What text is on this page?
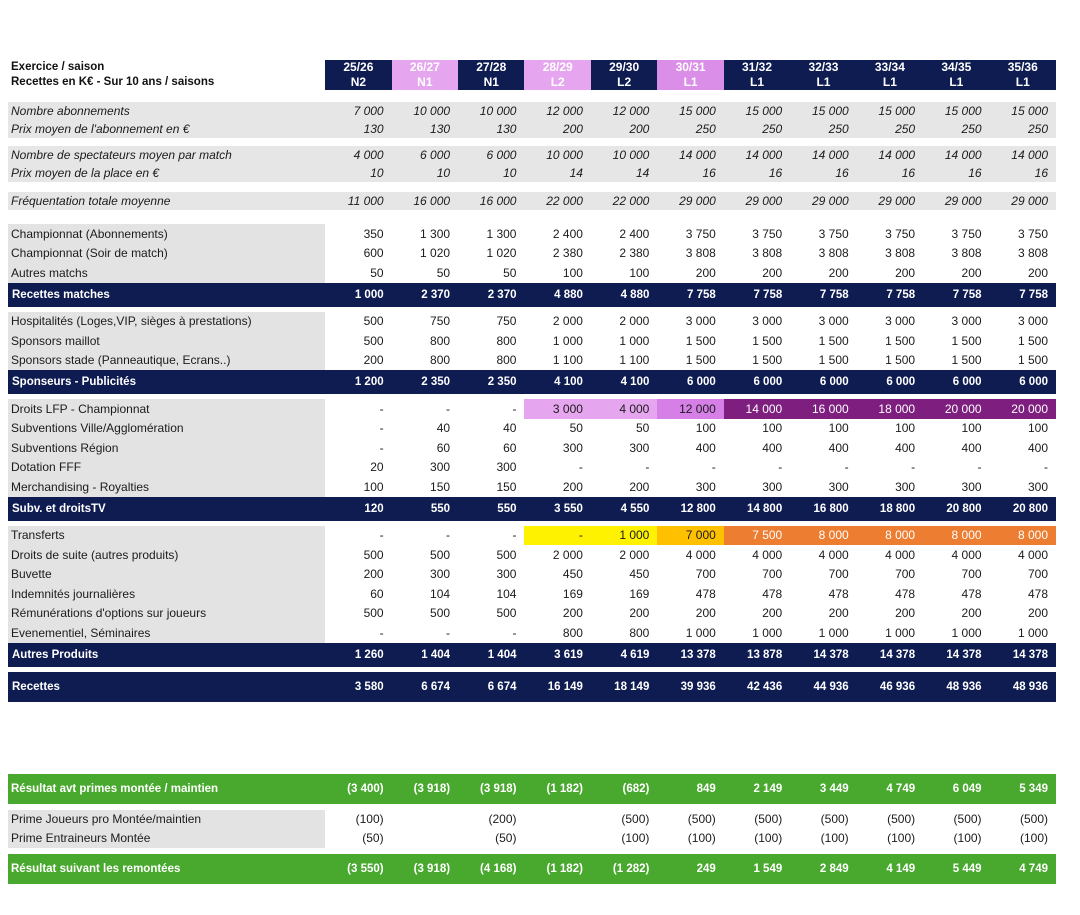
Exercice / saison	25/26	26/27	27/28	28/29	29/30	30/31	31/32	32/33	33/34	34/35	35/36
Recettes en K€ - Sur 10 ans / saisons	N2	N1	N1	L2	L2	L1	L1	L1	L1	L1	L1

Nombre abonnements	7 000	10 000	10 000	12 000	12 000	15 000	15 000	15 000	15 000	15 000	15 000
Prix moyen de l'abonnement en €	130	130	130	200	200	250	250	250	250	250	250

Nombre de spectateurs moyen par match	4 000	6 000	6 000	10 000	10 000	14 000	14 000	14 000	14 000	14 000	14 000
Prix moyen de la place en €	10	10	10	14	14	16	16	16	16	16	16

Fréquentation totale moyenne	11 000	16 000	16 000	22 000	22 000	29 000	29 000	29 000	29 000	29 000	29 000

Championnat (Abonnements)	350	1 300	1 300	2 400	2 400	3 750	3 750	3 750	3 750	3 750	3 750
Championnat (Soir de match)	600	1 020	1 020	2 380	2 380	3 808	3 808	3 808	3 808	3 808	3 808
Autres matchs	50	50	50	100	100	200	200	200	200	200	200
Recettes matches	1 000	2 370	2 370	4 880	4 880	7 758	7 758	7 758	7 758	7 758	7 758

Hospitalités (Loges,VIP, sièges à prestations)	500	750	750	2 000	2 000	3 000	3 000	3 000	3 000	3 000	3 000
Sponsors maillot	500	800	800	1 000	1 000	1 500	1 500	1 500	1 500	1 500	1 500
Sponsors stade (Panneautique, Ecrans..)	200	800	800	1 100	1 100	1 500	1 500	1 500	1 500	1 500	1 500
Sponseurs - Publicités	1 200	2 350	2 350	4 100	4 100	6 000	6 000	6 000	6 000	6 000	6 000

Droits LFP - Championnat	-	-	-	3 000	4 000	12 000	14 000	16 000	18 000	20 000	20 000
Subventions Ville/Agglomération	-	40	40	50	50	100	100	100	100	100	100
Subventions Région	-	60	60	300	300	400	400	400	400	400	400
Dotation FFF	20	300	300	-	-	-	-	-	-	-	-
Merchandising - Royalties	100	150	150	200	200	300	300	300	300	300	300
Subv. et droitsTV	120	550	550	3 550	4 550	12 800	14 800	16 800	18 800	20 800	20 800

Transferts	-	-	-	-	1 000	7 000	7 500	8 000	8 000	8 000	8 000
Droits de suite (autres produits)	500	500	500	2 000	2 000	4 000	4 000	4 000	4 000	4 000	4 000
Buvette	200	300	300	450	450	700	700	700	700	700	700
Indemnités journalières	60	104	104	169	169	478	478	478	478	478	478
Rémunérations d'options sur joueurs	500	500	500	200	200	200	200	200	200	200	200
Evenementiel, Séminaires	-	-	-	800	800	1 000	1 000	1 000	1 000	1 000	1 000
Autres Produits	1 260	1 404	1 404	3 619	4 619	13 378	13 878	14 378	14 378	14 378	14 378

Recettes	3 580	6 674	6 674	16 149	18 149	39 936	42 436	44 936	46 936	48 936	48 936

Résultat avt primes montée / maintien	(3 400)	(3 918)	(3 918)	(1 182)	(682)	849	2 149	3 449	4 749	6 049	5 349

Prime Joueurs pro Montée/maintien	(100)		(200)		(500)	(500)	(500)	(500)	(500)	(500)	(500)
Prime Entraineurs Montée	(50)		(50)		(100)	(100)	(100)	(100)	(100)	(100)	(100)

Résultat suivant les remontées	(3 550)	(3 918)	(4 168)	(1 182)	(1 282)	249	1 549	2 849	4 149	5 449	4 749
